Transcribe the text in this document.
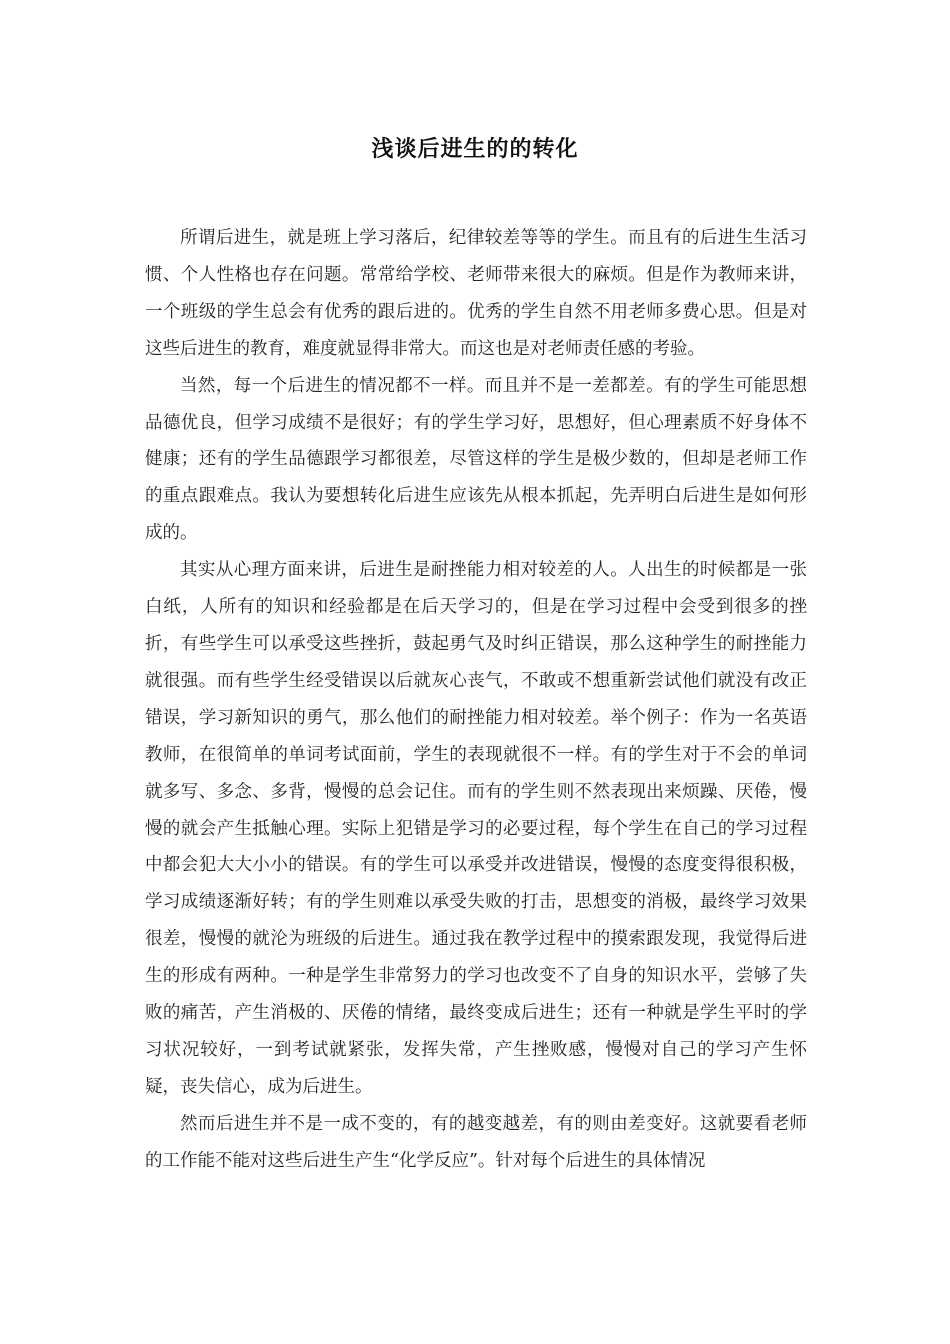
浅谈后进生的的转化

所谓后进生，就是班上学习落后，纪律较差等等的学生。而且有的后进生生活习惯、个人性格也存在问题。常常给学校、老师带来很大的麻烦。但是作为教师来讲，一个班级的学生总会有优秀的跟后进的。优秀的学生自然不用老师多费心思。但是对这些后进生的教育，难度就显得非常大。而这也是对老师责任感的考验。

当然，每一个后进生的情况都不一样。而且并不是一差都差。有的学生可能思想品德优良，但学习成绩不是很好；有的学生学习好，思想好，但心理素质不好身体不健康；还有的学生品德跟学习都很差，尽管这样的学生是极少数的，但却是老师工作的重点跟难点。我认为要想转化后进生应该先从根本抓起，先弄明白后进生是如何形成的。

其实从心理方面来讲，后进生是耐挫能力相对较差的人。人出生的时候都是一张白纸，人所有的知识和经验都是在后天学习的，但是在学习过程中会受到很多的挫折，有些学生可以承受这些挫折，鼓起勇气及时纠正错误，那么这种学生的耐挫能力就很强。而有些学生经受错误以后就灰心丧气，不敢或不想重新尝试他们就没有改正错误，学习新知识的勇气，那么他们的耐挫能力相对较差。举个例子：作为一名英语教师，在很简单的单词考试面前，学生的表现就很不一样。有的学生对于不会的单词就多写、多念、多背，慢慢的总会记住。而有的学生则不然表现出来烦躁、厌倦，慢慢的就会产生抵触心理。实际上犯错是学习的必要过程，每个学生在自己的学习过程中都会犯大大小小的错误。有的学生可以承受并改进错误，慢慢的态度变得很积极，学习成绩逐渐好转；有的学生则难以承受失败的打击，思想变的消极，最终学习效果很差，慢慢的就沦为班级的后进生。通过我在教学过程中的摸索跟发现，我觉得后进生的形成有两种。一种是学生非常努力的学习也改变不了自身的知识水平，尝够了失败的痛苦，产生消极的、厌倦的情绪，最终变成后进生；还有一种就是学生平时的学习状况较好，一到考试就紧张，发挥失常，产生挫败感，慢慢对自己的学习产生怀疑，丧失信心，成为后进生。

然而后进生并不是一成不变的，有的越变越差，有的则由差变好。这就要看老师的工作能不能对这些后进生产生“化学反应”。针对每个后进生的具体情况
